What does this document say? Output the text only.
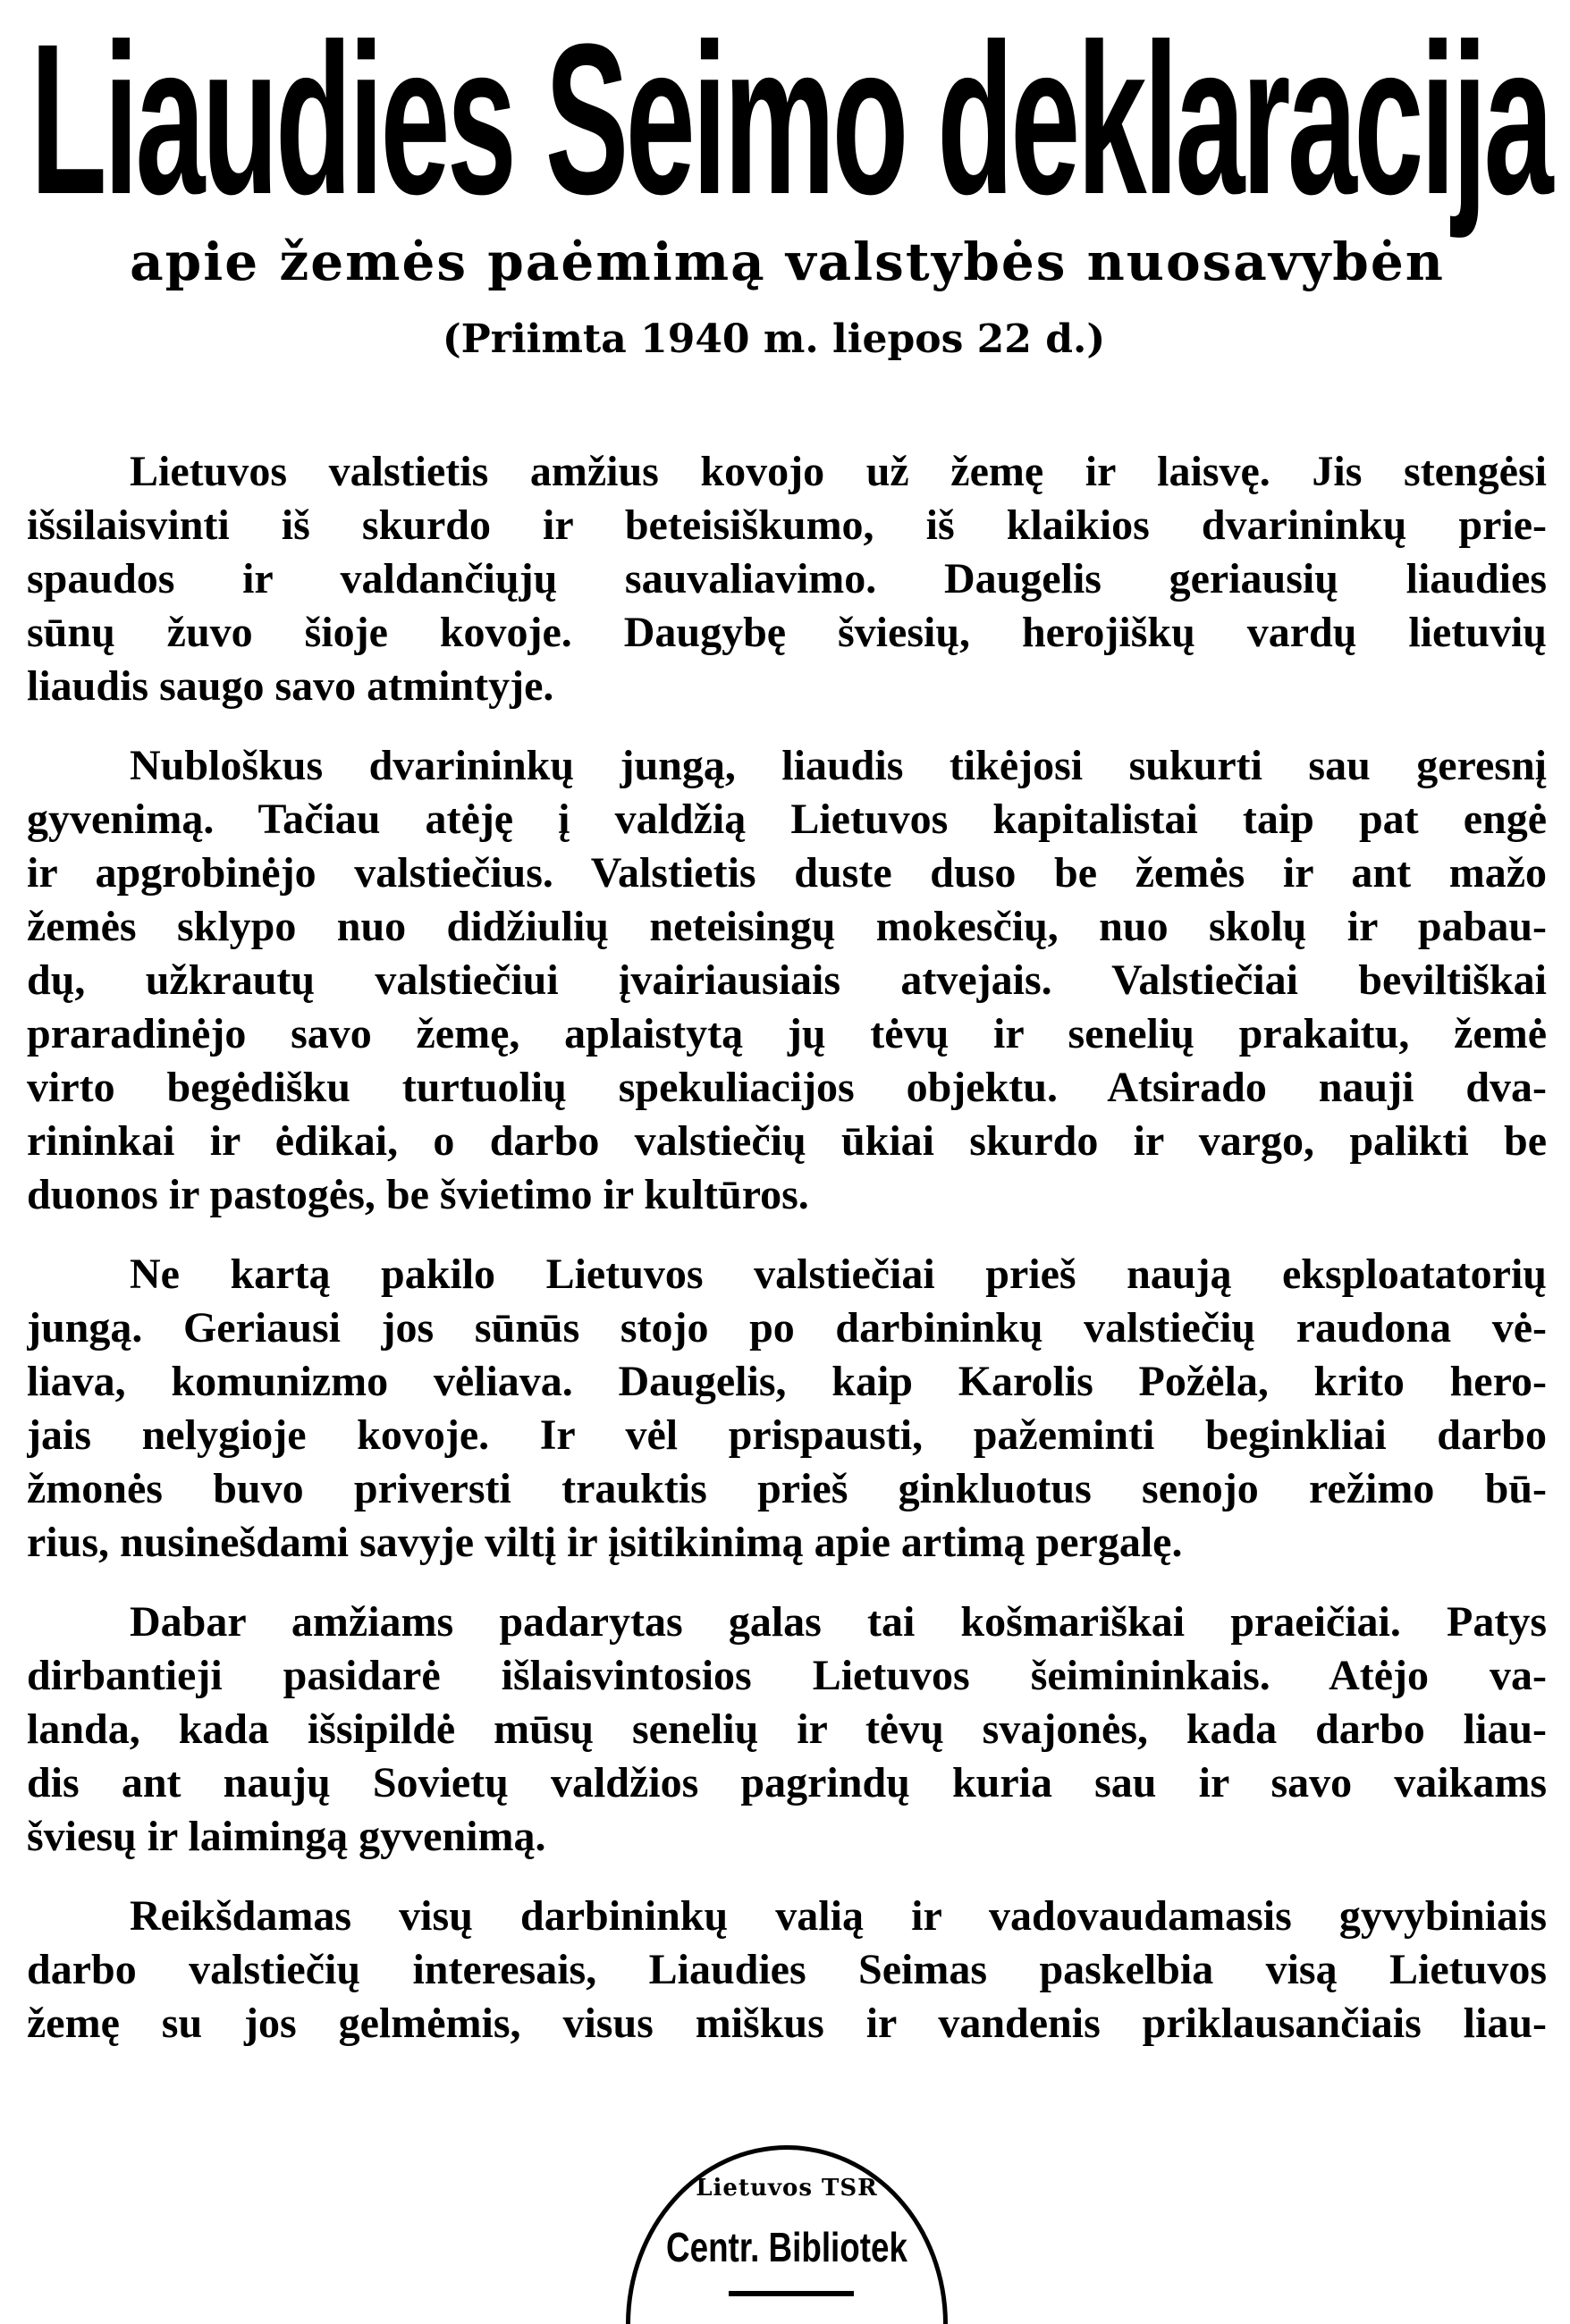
Liaudies Seimo deklaracija
apie žemės paėmimą valstybės nuosavybėn
(Priimta 1940 m. liepos 22 d.)
Lietuvos valstietis amžius kovojo už žemę ir laisvę. Jis stengėsi
išsilaisvinti iš skurdo ir beteisiškumo, iš klaikios dvarininkų prie-
spaudos ir valdančiųjų sauvaliavimo. Daugelis geriausių liaudies
sūnų žuvo šioje kovoje. Daugybę šviesių, herojiškų vardų lietuvių
liaudis saugo savo atmintyje.
Nubloškus dvarininkų jungą, liaudis tikėjosi sukurti sau geresnį
gyvenimą. Tačiau atėję į valdžią Lietuvos kapitalistai taip pat engė
ir apgrobinėjo valstiečius. Valstietis duste duso be žemės ir ant mažo
žemės sklypo nuo didžiulių neteisingų mokesčių, nuo skolų ir pabau-
dų, užkrautų valstiečiui įvairiausiais atvejais. Valstiečiai beviltiškai
praradinėjo savo žemę, aplaistytą jų tėvų ir senelių prakaitu, žemė
virto begėdišku turtuolių spekuliacijos objektu. Atsirado nauji dva-
rininkai ir ėdikai, o darbo valstiečių ūkiai skurdo ir vargo, palikti be
duonos ir pastogės, be švietimo ir kultūros.
Ne kartą pakilo Lietuvos valstiečiai prieš naują eksploatatorių
jungą. Geriausi jos sūnūs stojo po darbininkų valstiečių raudona vė-
liava, komunizmo vėliava. Daugelis, kaip Karolis Požėla, krito hero-
jais nelygioje kovoje. Ir vėl prispausti, pažeminti beginkliai darbo
žmonės buvo priversti trauktis prieš ginkluotus senojo režimo bū-
rius, nusinešdami savyje viltį ir įsitikinimą apie artimą pergalę.
Dabar amžiams padarytas galas tai košmariškai praeičiai. Patys
dirbantieji pasidarė išlaisvintosios Lietuvos šeimininkais. Atėjo va-
landa, kada išsipildė mūsų senelių ir tėvų svajonės, kada darbo liau-
dis ant naujų Sovietų valdžios pagrindų kuria sau ir savo vaikams
šviesų ir laimingą gyvenimą.
Reikšdamas visų darbininkų valią ir vadovaudamasis gyvybiniais
darbo valstiečių interesais, Liaudies Seimas paskelbia visą Lietuvos
žemę su jos gelmėmis, visus miškus ir vandenis priklausančiais liau-
Lietuvos TSR
Centr. Bibliotek
